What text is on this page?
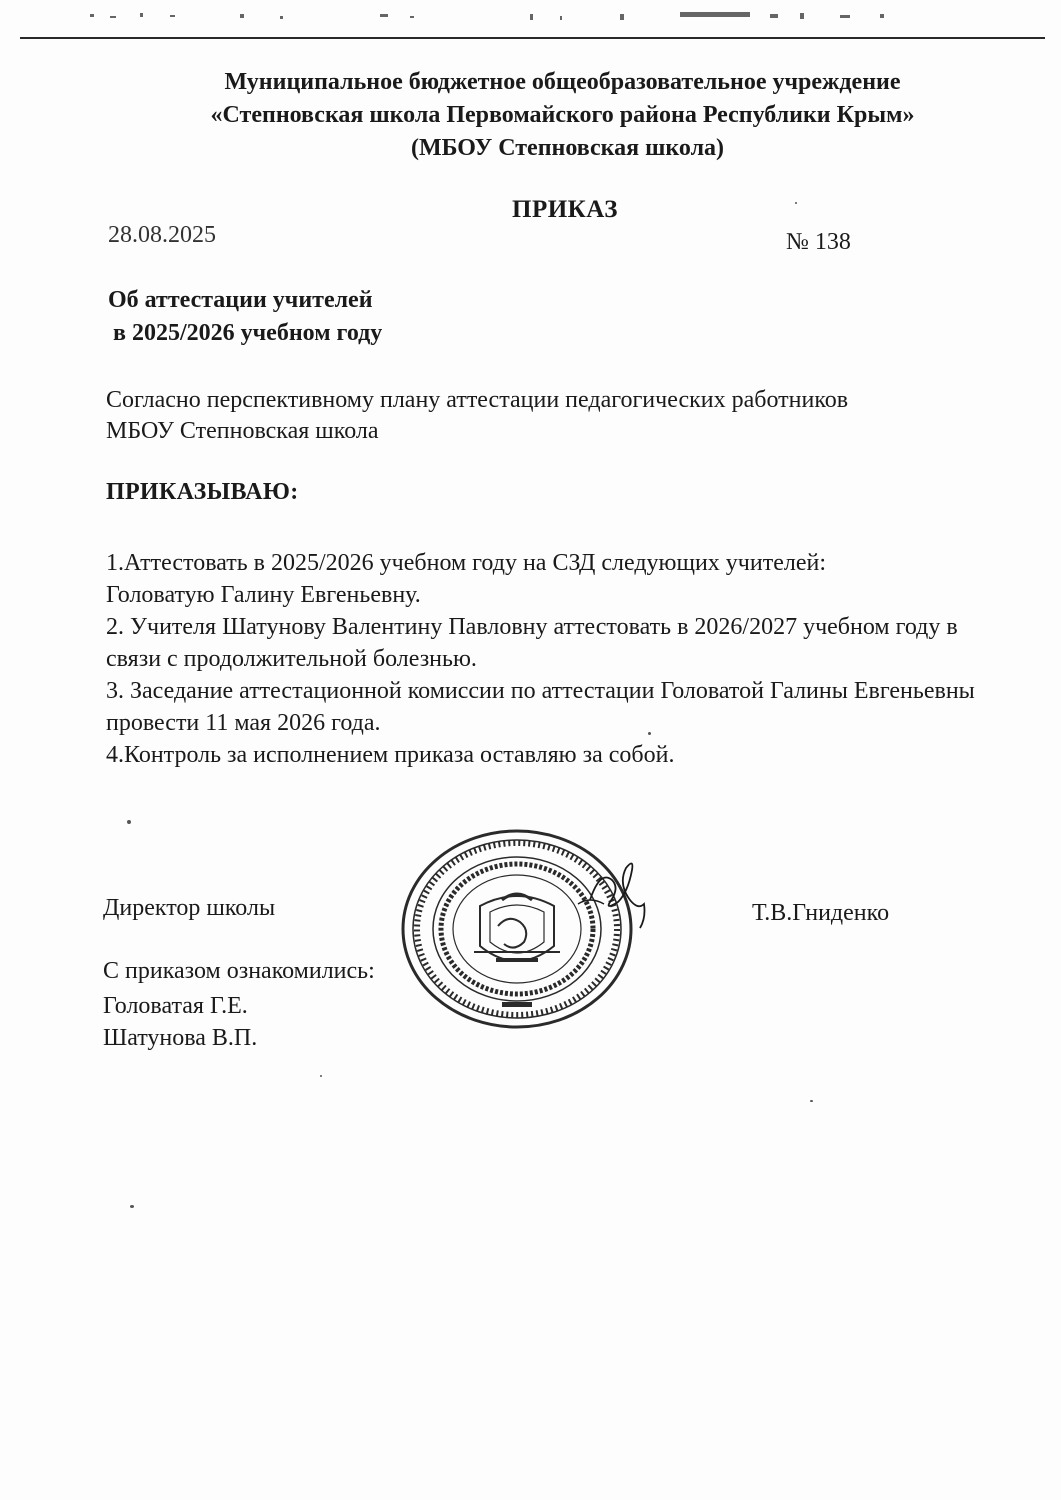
Муниципальное бюджетное общеобразовательное учреждение
«Степновская школа Первомайского района Республики Крым»
(МБОУ Степновская школа)
ПРИКАЗ
28.08.2025	№ 138
Об аттестации учителей
в 2025/2026 учебном году
Согласно перспективному плану аттестации педагогических работников
МБОУ Степновская школа
ПРИКАЗЫВАЮ:
1.Аттестовать в 2025/2026 учебном году на СЗД следующих учителей:
Головатую Галину Евгеньевну.
2. Учителя Шатунову Валентину Павловну аттестовать в 2026/2027 учебном году в
связи с продолжительной болезнью.
3. Заседание аттестационной комиссии по аттестации Головатой Галины Евгеньевны
провести 11 мая 2026 года.
4.Контроль за исполнением приказа оставляю за собой.
Директор школы	Т.В.Гниденко
С приказом ознакомились:
Головатая Г.Е.
Шатунова В.П.
